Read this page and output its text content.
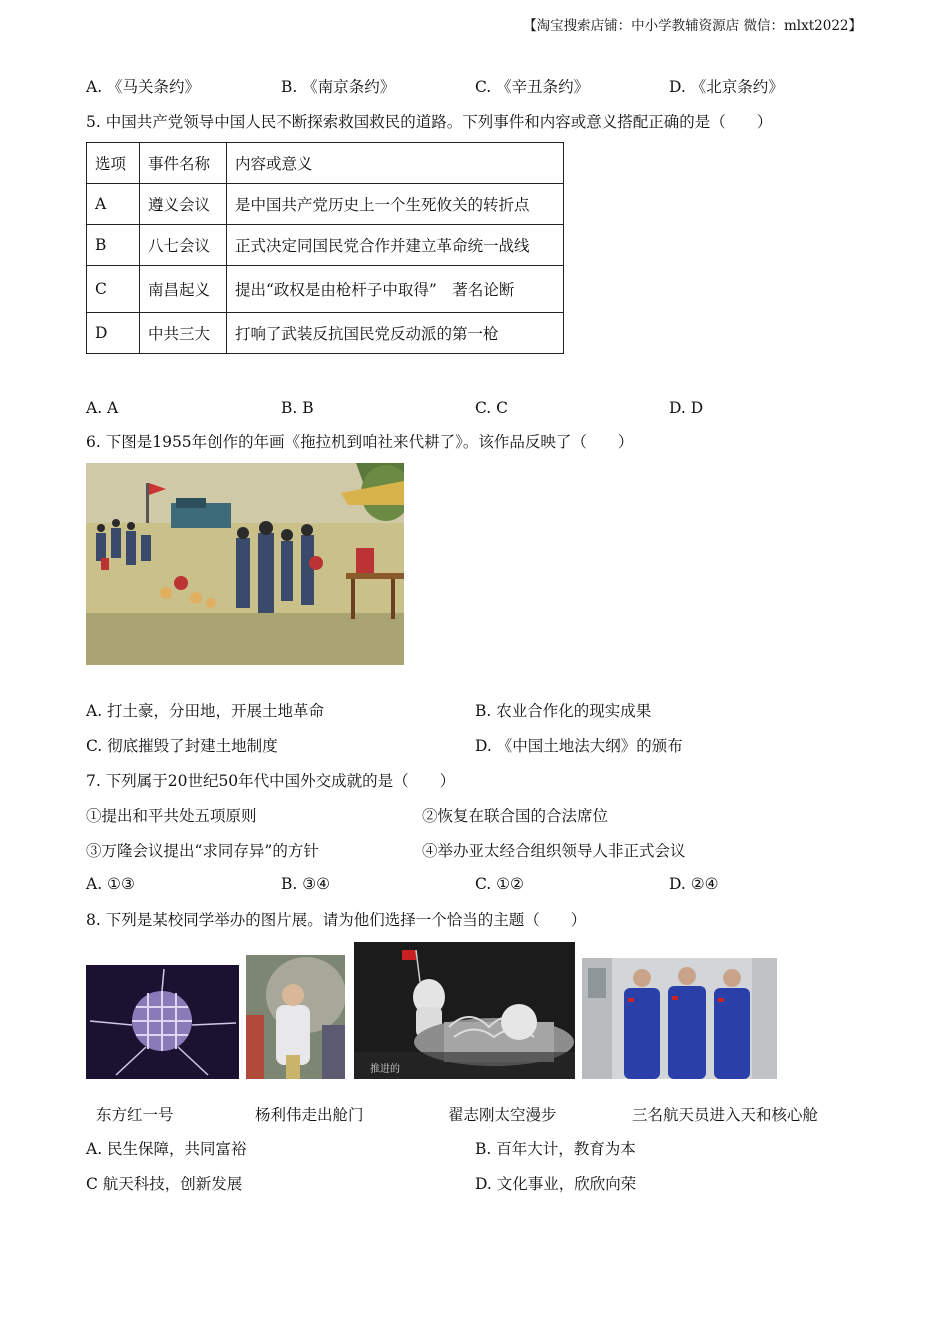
【淘宝搜索店铺：中小学教辅资源店 微信：mlxt2022】
A. 《马关条约》	B. 《南京条约》	C. 《辛丑条约》	D. 《北京条约》
5. 中国共产党领导中国人民不断探索救国救民的道路。下列事件和内容或意义搭配正确的是（　　）
选项	事件名称	内容或意义
A	遵义会议	是中国共产党历史上一个生死攸关的转折点
B	八七会议	正式决定同国民党合作并建立革命统一战线
C	南昌起义	提出“政权是由枪杆子中取得”　著名论断
D	中共三大	打响了武装反抗国民党反动派的第一枪
A. A	B. B	C. C	D. D
6. 下图是1955年创作的年画《拖拉机到咱社来代耕了》。该作品反映了（　　）
A. 打土豪，分田地，开展土地革命	B. 农业合作化的现实成果
C. 彻底摧毁了封建土地制度	D. 《中国土地法大纲》的颁布
7. 下列属于20世纪50年代中国外交成就的是（　　）
①提出和平共处五项原则	②恢复在联合国的合法席位
③万隆会议提出“求同存异”的方针	④举办亚太经合组织领导人非正式会议
A. ①③	B. ③④	C. ①②	D. ②④
8. 下列是某校同学举办的图片展。请为他们选择一个恰当的主题（　　）
推进的
东方红一号	杨利伟走出舱门	翟志刚太空漫步	三名航天员进入天和核心舱
A. 民生保障，共同富裕	B. 百年大计，教育为本
C 航天科技，创新发展	D. 文化事业，欣欣向荣
